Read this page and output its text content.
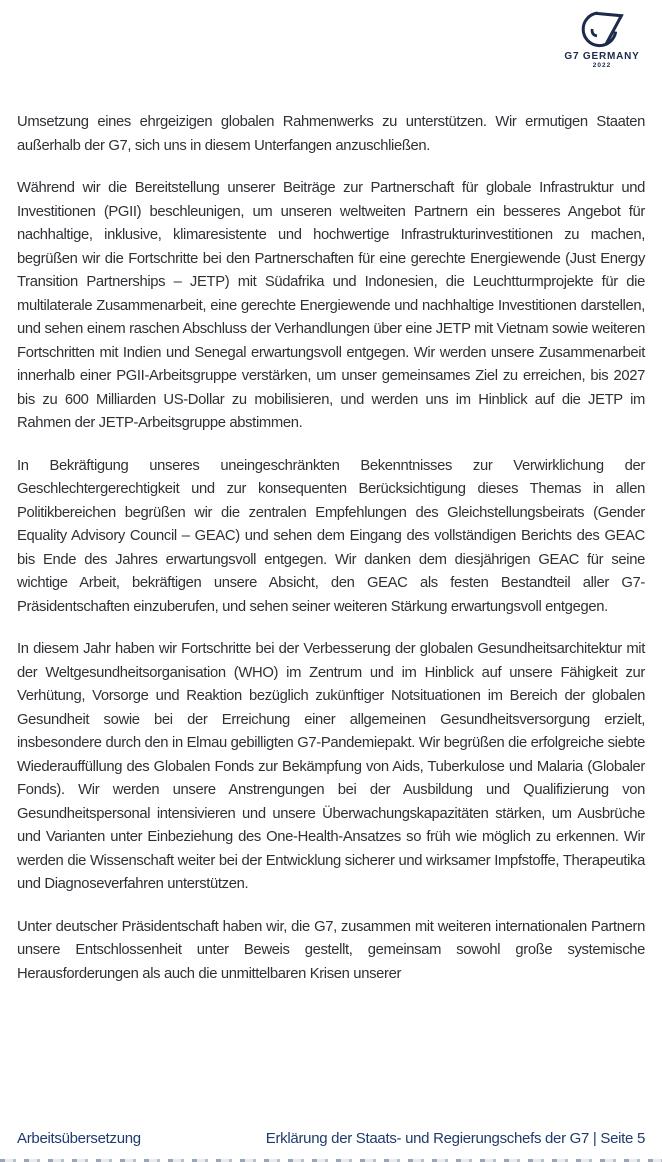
G7 GERMANY
2022

Umsetzung eines ehrgeizigen globalen Rahmenwerks zu unterstützen. Wir ermutigen Staaten außerhalb der G7, sich uns in diesem Unterfangen anzuschließen.

Während wir die Bereitstellung unserer Beiträge zur Partnerschaft für globale Infrastruktur und Investitionen (PGII) beschleunigen, um unseren weltweiten Partnern ein besseres Angebot für nachhaltige, inklusive, klimaresistente und hochwertige Infrastrukturinvestitionen zu machen, begrüßen wir die Fortschritte bei den Partnerschaften für eine gerechte Energiewende (Just Energy Transition Partnerships – JETP) mit Südafrika und Indonesien, die Leuchtturmprojekte für die multilaterale Zusammenarbeit, eine gerechte Energiewende und nachhaltige Investitionen darstellen, und sehen einem raschen Abschluss der Verhandlungen über eine JETP mit Vietnam sowie weiteren Fortschritten mit Indien und Senegal erwartungsvoll entgegen. Wir werden unsere Zusammenarbeit innerhalb einer PGII-Arbeitsgruppe verstärken, um unser gemeinsames Ziel zu erreichen, bis 2027 bis zu 600 Milliarden US-Dollar zu mobilisieren, und werden uns im Hinblick auf die JETP im Rahmen der JETP-Arbeitsgruppe abstimmen.

In Bekräftigung unseres uneingeschränkten Bekenntnisses zur Verwirklichung der Geschlechtergerechtigkeit und zur konsequenten Berücksichtigung dieses Themas in allen Politikbereichen begrüßen wir die zentralen Empfehlungen des Gleichstellungsbeirats (Gender Equality Advisory Council – GEAC) und sehen dem Eingang des vollständigen Berichts des GEAC bis Ende des Jahres erwartungsvoll entgegen. Wir danken dem diesjährigen GEAC für seine wichtige Arbeit, bekräftigen unsere Absicht, den GEAC als festen Bestandteil aller G7-Präsidentschaften einzuberufen, und sehen seiner weiteren Stärkung erwartungsvoll entgegen.

In diesem Jahr haben wir Fortschritte bei der Verbesserung der globalen Gesundheitsarchitektur mit der Weltgesundheitsorganisation (WHO) im Zentrum und im Hinblick auf unsere Fähigkeit zur Verhütung, Vorsorge und Reaktion bezüglich zukünftiger Notsituationen im Bereich der globalen Gesundheit sowie bei der Erreichung einer allgemeinen Gesundheitsversorgung erzielt, insbesondere durch den in Elmau gebilligten G7-Pandemiepakt. Wir begrüßen die erfolgreiche siebte Wiederauffüllung des Globalen Fonds zur Bekämpfung von Aids, Tuberkulose und Malaria (Globaler Fonds). Wir werden unsere Anstrengungen bei der Ausbildung und Qualifizierung von Gesundheitspersonal intensivieren und unsere Überwachungskapazitäten stärken, um Ausbrüche und Varianten unter Einbeziehung des One-Health-Ansatzes so früh wie möglich zu erkennen. Wir werden die Wissenschaft weiter bei der Entwicklung sicherer und wirksamer Impfstoffe, Therapeutika und Diagnoseverfahren unterstützen.

Unter deutscher Präsidentschaft haben wir, die G7, zusammen mit weiteren internationalen Partnern unsere Entschlossenheit unter Beweis gestellt, gemeinsam sowohl große systemische Herausforderungen als auch die unmittelbaren Krisen unserer

Arbeitsübersetzung	Erklärung der Staats- und Regierungschefs der G7 | Seite 5
